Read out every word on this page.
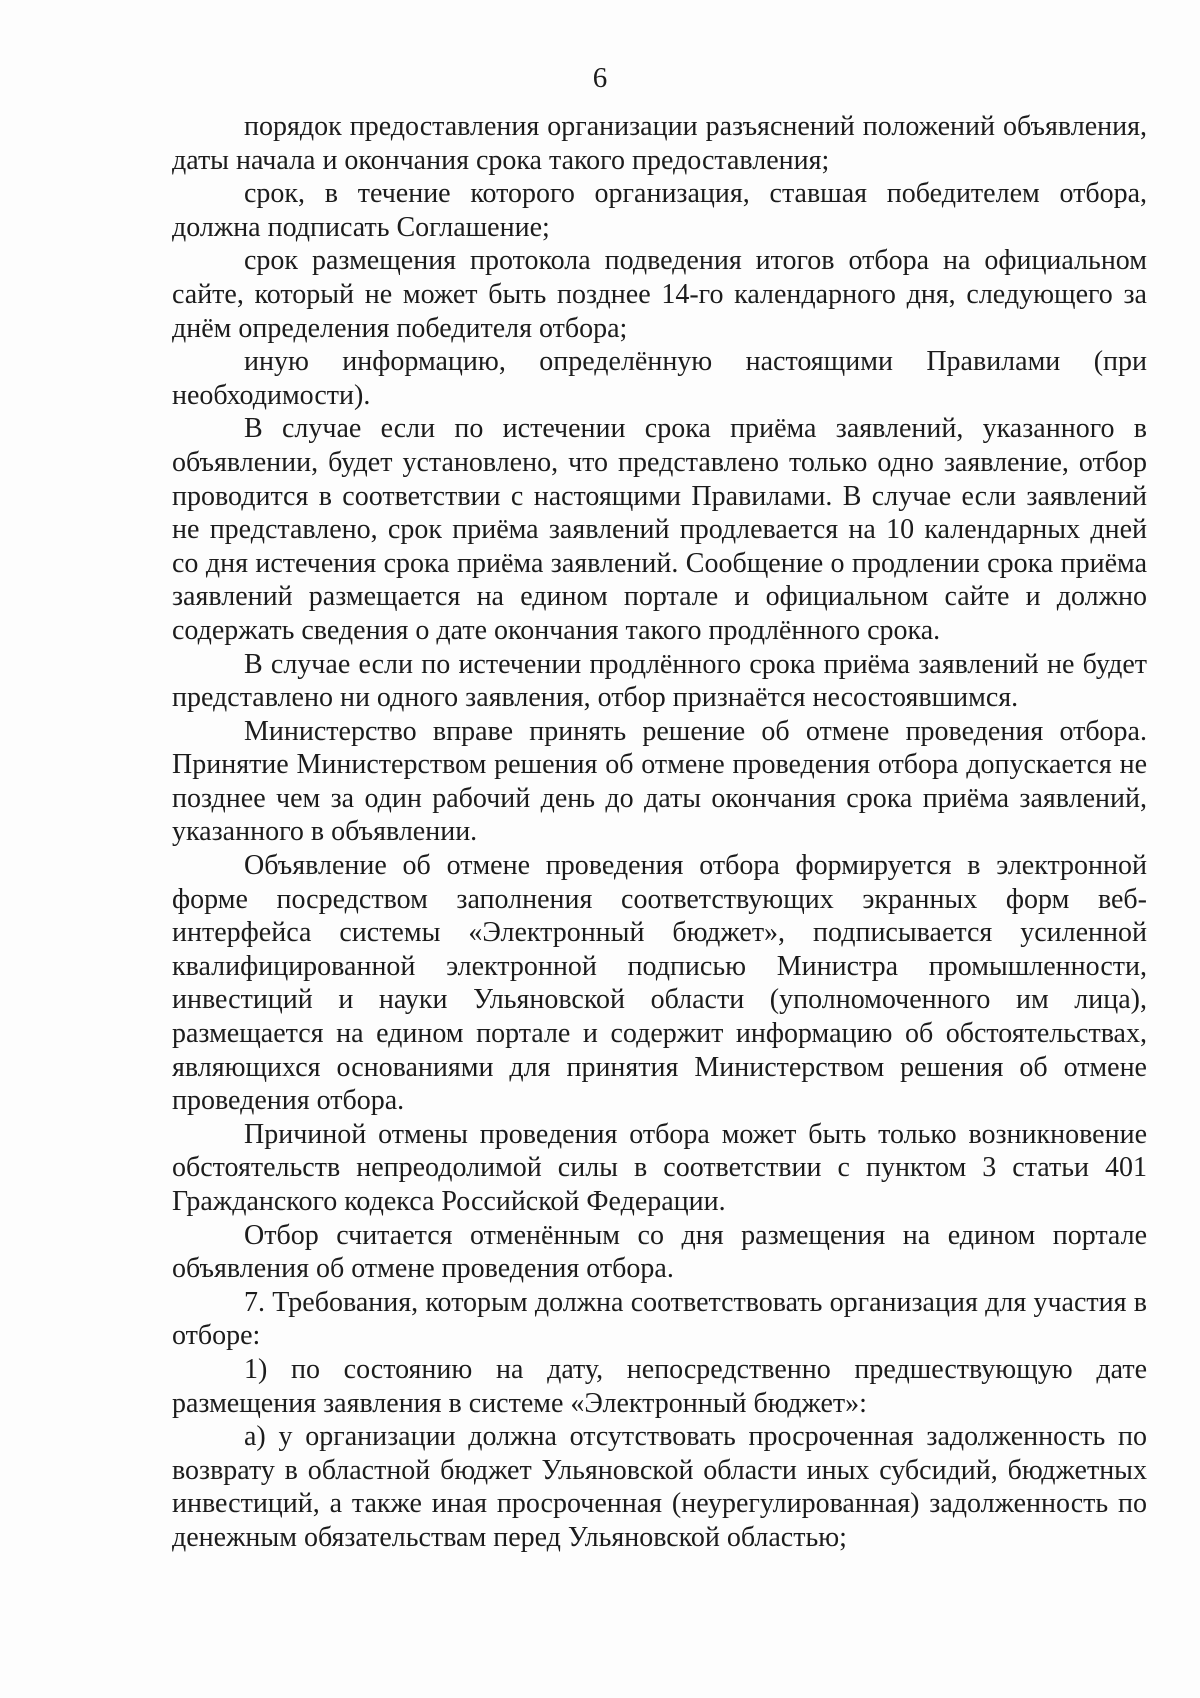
6

порядок предоставления организации разъяснений положений объявления, даты начала и окончания срока такого предоставления;

срок, в течение которого организация, ставшая победителем отбора, должна подписать Соглашение;

срок размещения протокола подведения итогов отбора на официальном сайте, который не может быть позднее 14-го календарного дня, следующего за днём определения победителя отбора;

иную информацию, определённую настоящими Правилами (при необходимости).

В случае если по истечении срока приёма заявлений, указанного в объявлении, будет установлено, что представлено только одно заявление, отбор проводится в соответствии с настоящими Правилами. В случае если заявлений не представлено, срок приёма заявлений продлевается на 10 календарных дней со дня истечения срока приёма заявлений. Сообщение о продлении срока приёма заявлений размещается на едином портале и официальном сайте и должно содержать сведения о дате окончания такого продлённого срока.

В случае если по истечении продлённого срока приёма заявлений не будет представлено ни одного заявления, отбор признаётся несостоявшимся.

Министерство вправе принять решение об отмене проведения отбора. Принятие Министерством решения об отмене проведения отбора допускается не позднее чем за один рабочий день до даты окончания срока приёма заявлений, указанного в объявлении.

Объявление об отмене проведения отбора формируется в электронной форме посредством заполнения соответствующих экранных форм веб-интерфейса системы «Электронный бюджет», подписывается усиленной квалифицированной электронной подписью Министра промышленности, инвестиций и науки Ульяновской области (уполномоченного им лица), размещается на едином портале и содержит информацию об обстоятельствах, являющихся основаниями для принятия Министерством решения об отмене проведения отбора.

Причиной отмены проведения отбора может быть только возникновение обстоятельств непреодолимой силы в соответствии с пунктом 3 статьи 401 Гражданского кодекса Российской Федерации.

Отбор считается отменённым со дня размещения на едином портале объявления об отмене проведения отбора.

7. Требования, которым должна соответствовать организация для участия в отборе:

1) по состоянию на дату, непосредственно предшествующую дате размещения заявления в системе «Электронный бюджет»:

а) у организации должна отсутствовать просроченная задолженность по возврату в областной бюджет Ульяновской области иных субсидий, бюджетных инвестиций, а также иная просроченная (неурегулированная) задолженность по денежным обязательствам перед Ульяновской областью;
